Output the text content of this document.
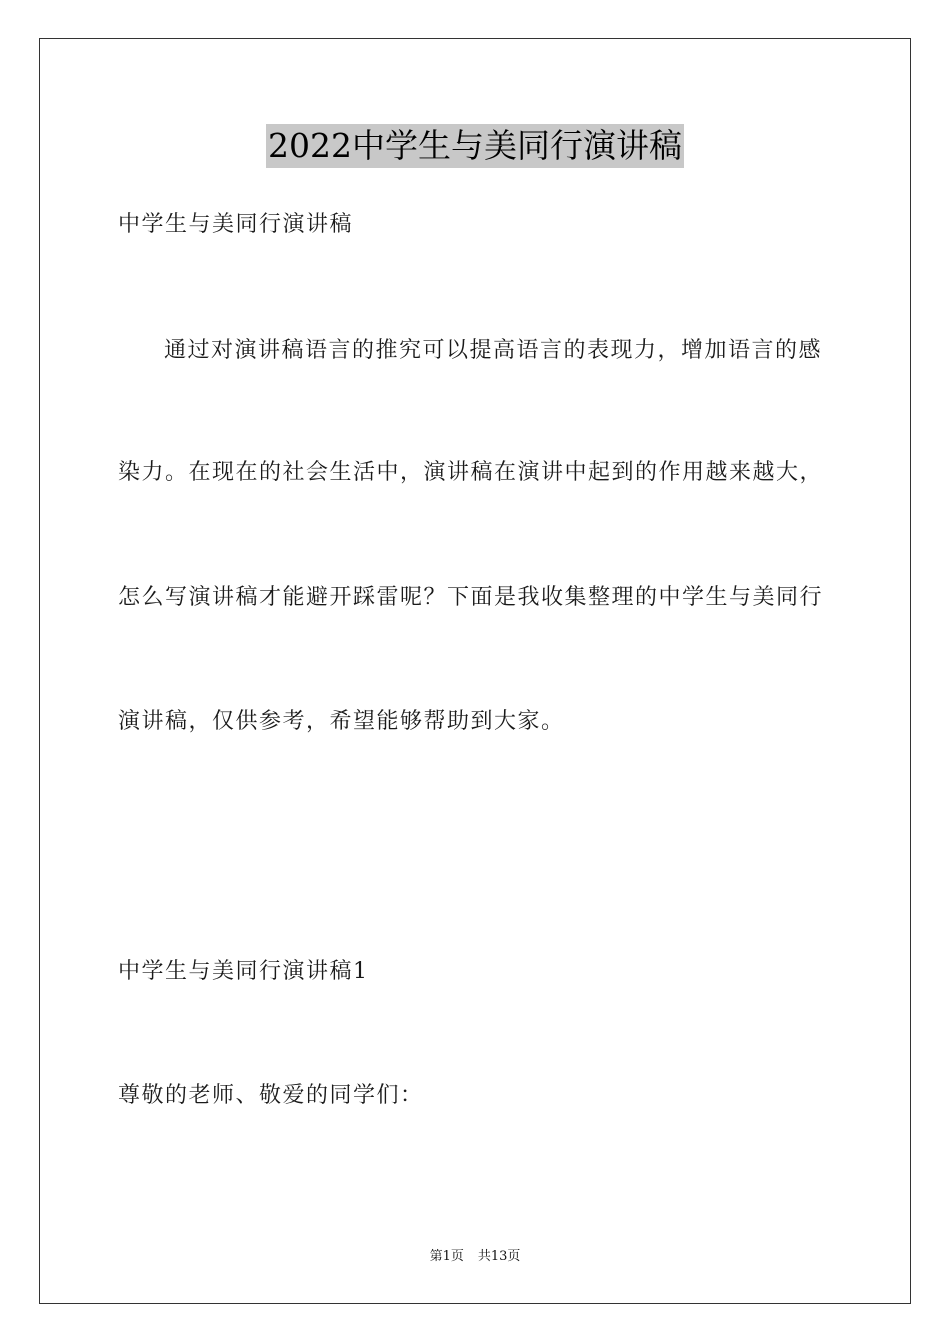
2022中学生与美同行演讲稿
中学生与美同行演讲稿
通过对演讲稿语言的推究可以提高语言的表现力，增加语言的感
染力。在现在的社会生活中，演讲稿在演讲中起到的作用越来越大，
怎么写演讲稿才能避开踩雷呢？下面是我收集整理的中学生与美同行
演讲稿，仅供参考，希望能够帮助到大家。
中学生与美同行演讲稿1
尊敬的老师、敬爱的同学们：
第1页 共13页
